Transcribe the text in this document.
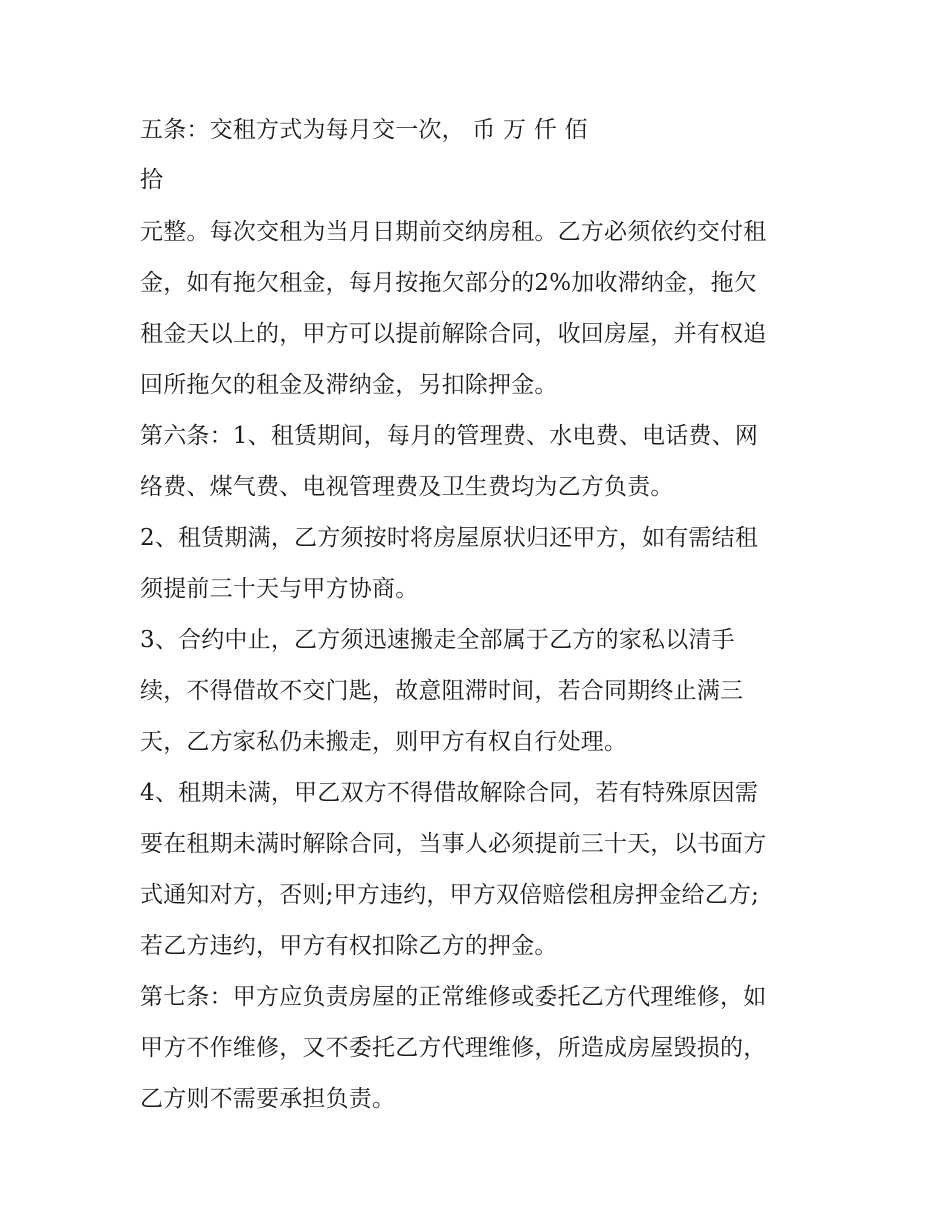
五条：交租方式为每月交一次， 币 万 仟 佰
拾
元整。每次交租为当月日期前交纳房租。乙方必须依约交付租
金，如有拖欠租金，每月按拖欠部分的2%加收滞纳金，拖欠
租金天以上的，甲方可以提前解除合同，收回房屋，并有权追
回所拖欠的租金及滞纳金，另扣除押金。
第六条：1、租赁期间，每月的管理费、水电费、电话费、网
络费、煤气费、电视管理费及卫生费均为乙方负责。
2、租赁期满，乙方须按时将房屋原状归还甲方，如有需结租
须提前三十天与甲方协商。
3、合约中止，乙方须迅速搬走全部属于乙方的家私以清手
续，不得借故不交门匙，故意阻滞时间，若合同期终止满三
天，乙方家私仍未搬走，则甲方有权自行处理。
4、租期未满，甲乙双方不得借故解除合同，若有特殊原因需
要在租期未满时解除合同，当事人必须提前三十天，以书面方
式通知对方，否则;甲方违约，甲方双倍赔偿租房押金给乙方;
若乙方违约，甲方有权扣除乙方的押金。
第七条：甲方应负责房屋的正常维修或委托乙方代理维修，如
甲方不作维修，又不委托乙方代理维修，所造成房屋毁损的，
乙方则不需要承担负责。
